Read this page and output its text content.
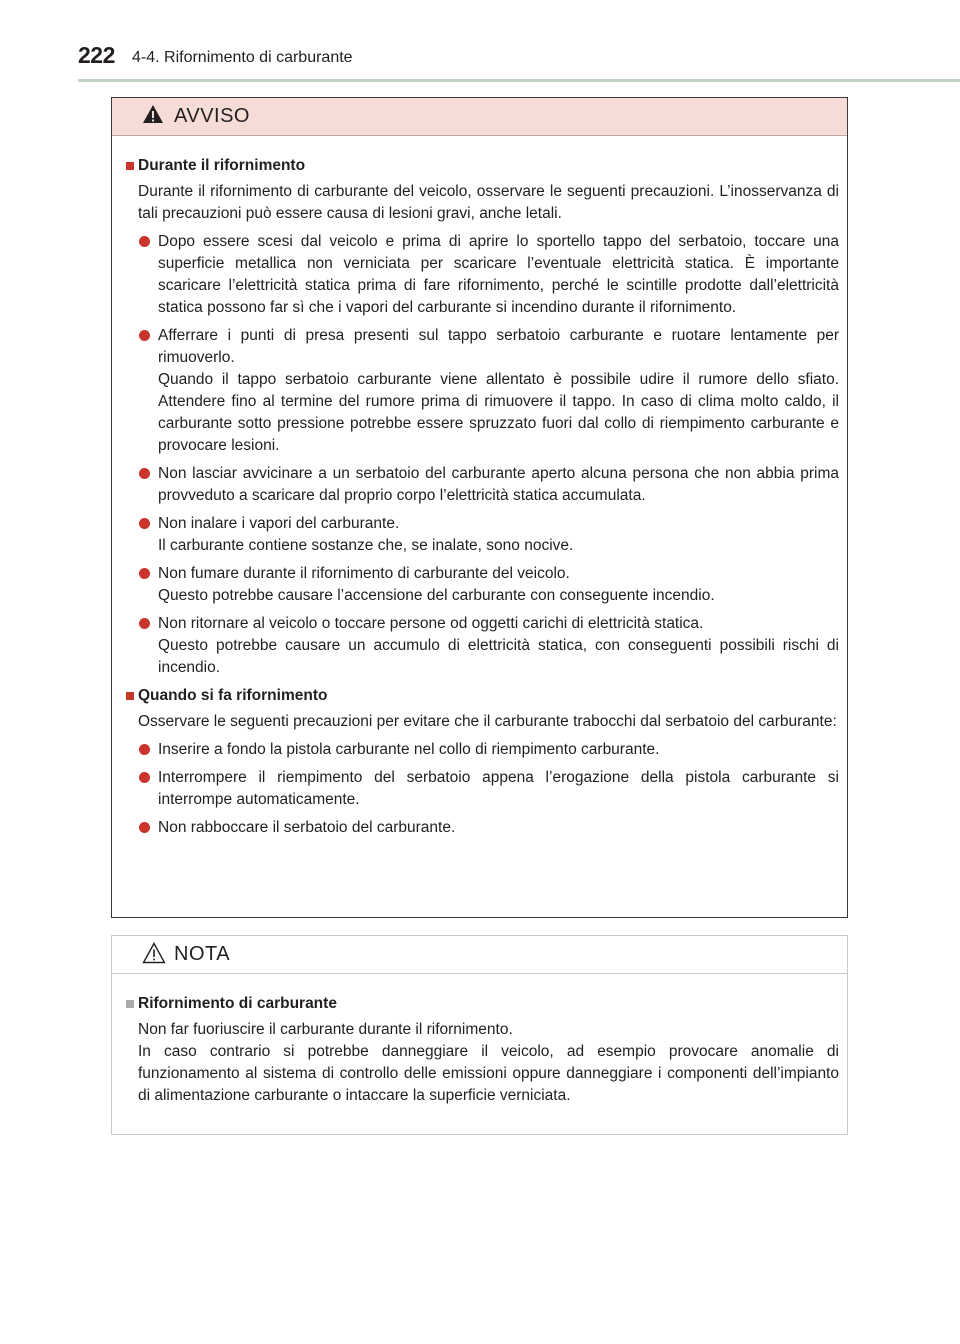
222 4-4. Rifornimento di carburante
AVVISO
Durante il rifornimento
Durante il rifornimento di carburante del veicolo, osservare le seguenti precauzioni. L’inosservanza di tali precauzioni può essere causa di lesioni gravi, anche letali.
Dopo essere scesi dal veicolo e prima di aprire lo sportello tappo del serbatoio, toccare una superficie metallica non verniciata per scaricare l’eventuale elettricità statica. È importante scaricare l’elettricità statica prima di fare rifornimento, perché le scintille prodotte dall’elettricità statica possono far sì che i vapori del carburante si incendino durante il rifornimento.
Afferrare i punti di presa presenti sul tappo serbatoio carburante e ruotare lentamente per rimuoverlo.
Quando il tappo serbatoio carburante viene allentato è possibile udire il rumore dello sfiato. Attendere fino al termine del rumore prima di rimuovere il tappo. In caso di clima molto caldo, il carburante sotto pressione potrebbe essere spruzzato fuori dal collo di riempimento carburante e provocare lesioni.
Non lasciar avvicinare a un serbatoio del carburante aperto alcuna persona che non abbia prima provveduto a scaricare dal proprio corpo l’elettricità statica accumulata.
Non inalare i vapori del carburante.
Il carburante contiene sostanze che, se inalate, sono nocive.
Non fumare durante il rifornimento di carburante del veicolo.
Questo potrebbe causare l’accensione del carburante con conseguente incendio.
Non ritornare al veicolo o toccare persone od oggetti carichi di elettricità statica.
Questo potrebbe causare un accumulo di elettricità statica, con conseguenti possibili rischi di incendio.
Quando si fa rifornimento
Osservare le seguenti precauzioni per evitare che il carburante trabocchi dal serbatoio del carburante:
Inserire a fondo la pistola carburante nel collo di riempimento carburante.
Interrompere il riempimento del serbatoio appena l’erogazione della pistola carburante si interrompe automaticamente.
Non rabboccare il serbatoio del carburante.
NOTA
Rifornimento di carburante
Non far fuoriuscire il carburante durante il rifornimento.
In caso contrario si potrebbe danneggiare il veicolo, ad esempio provocare anomalie di funzionamento al sistema di controllo delle emissioni oppure danneggiare i componenti dell’impianto di alimentazione carburante o intaccare la superficie verniciata.
